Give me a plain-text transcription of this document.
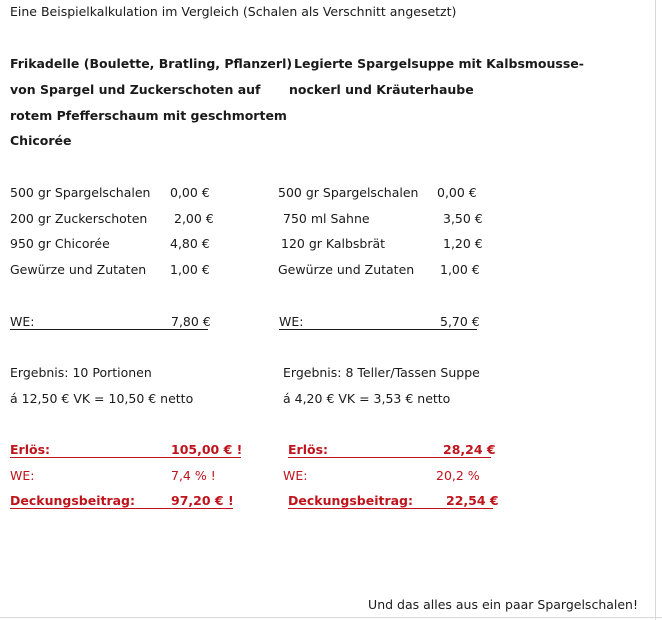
Eine Beispielkalkulation im Vergleich (Schalen als Verschnitt angesetzt)
Frikadelle (Boulette, Bratling, Pflanzerl)
von Spargel und Zuckerschoten auf
rotem Pfefferschaum mit geschmortem
Chicorée
Legierte Spargelsuppe mit Kalbsmousse-
nockerl und Kräuterhaube
500 gr Spargelschalen 0,00 €
200 gr Zuckerschoten 2,00 €
950 gr Chicorée	4,80 €
Gewürze und Zutaten 1,00 €
500 gr Spargelschalen 0,00 €
750 ml Sahne	3,50 €
120 gr Kalbsbrät	1,20 €
Gewürze und Zutaten 1,00 €
WE:	7,80 €	WE:	5,70 €
Ergebnis: 10 Portionen
á 12,50 € VK = 10,50 € netto
Ergebnis: 8 Teller/Tassen Suppe
á 4,20 € VK = 3,53 € netto
Erlös:	105,00 € !	Erlös:	28,24 €
WE:	7,4 % !	WE:	20,2 %
Deckungsbeitrag:	97,20 € !	Deckungsbeitrag:	22,54 €
Und das alles aus ein paar Spargelschalen!
